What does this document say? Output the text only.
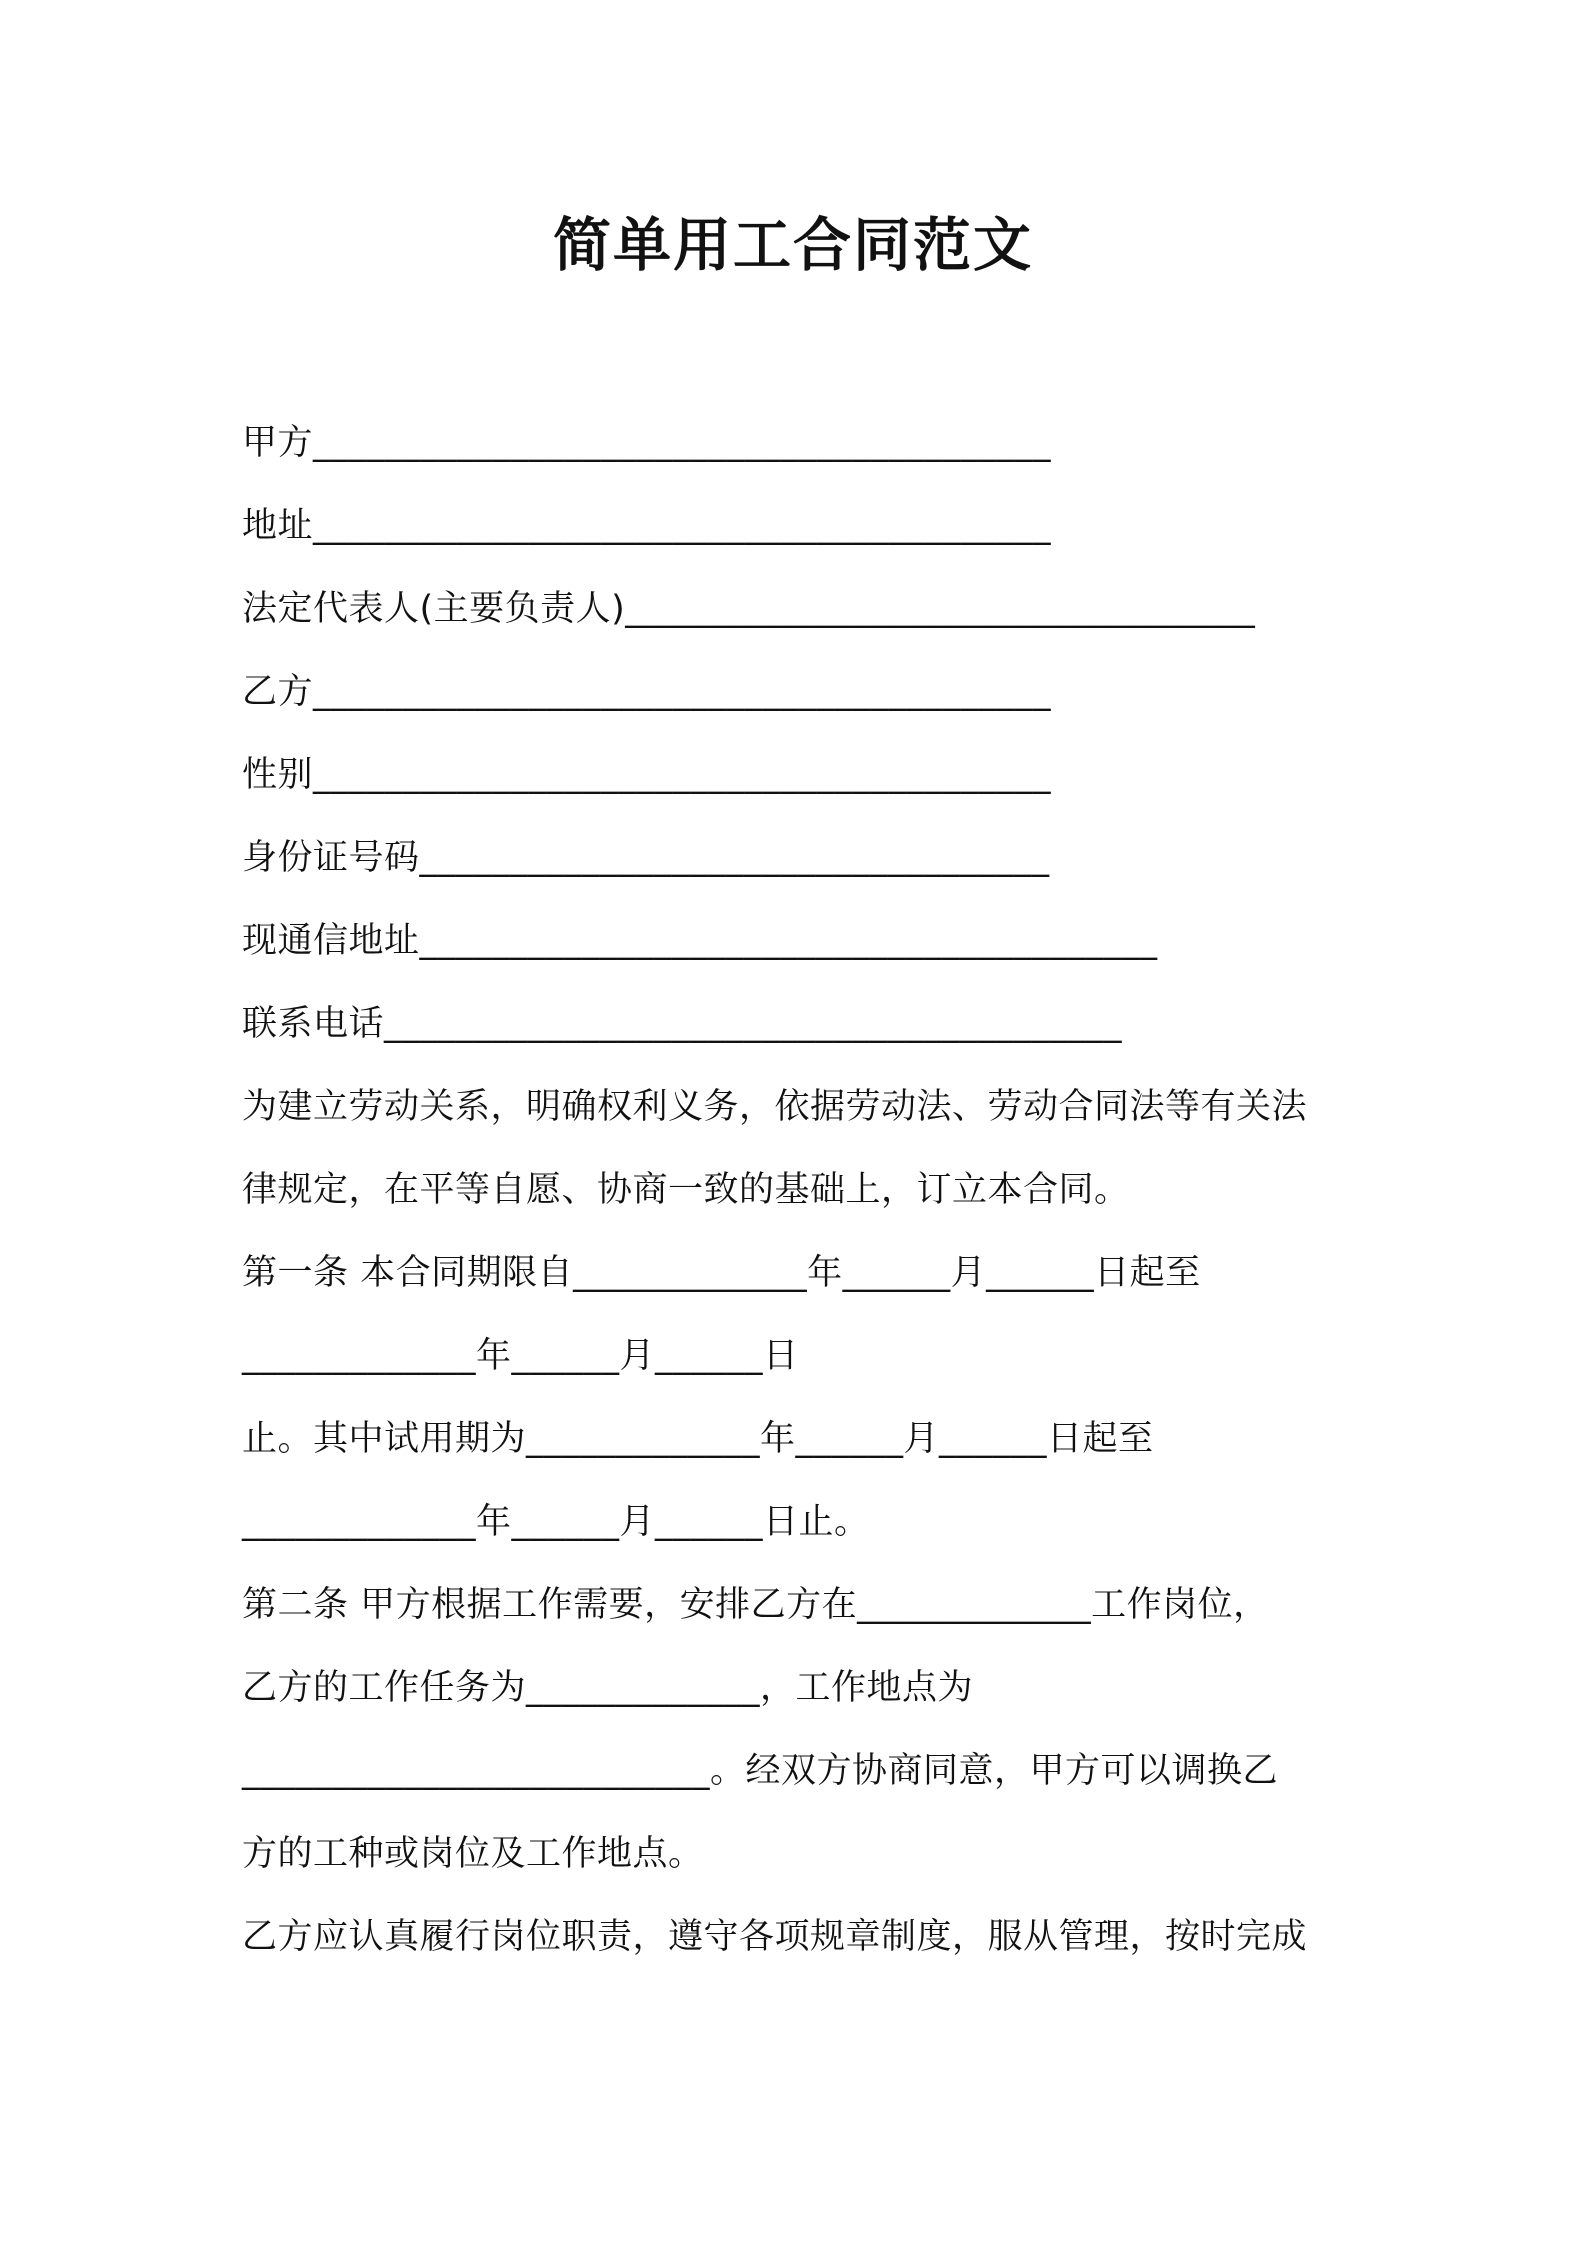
简单用工合同范文
甲方_________________________________________
地址_________________________________________
法定代表人(主要负责人)___________________________________
乙方_________________________________________
性别_________________________________________
身份证号码___________________________________
现通信地址_________________________________________
联系电话_________________________________________
为建立劳动关系，明确权利义务，依据劳动法、劳动合同法等有关法
律规定，在平等自愿、协商一致的基础上，订立本合同。
第一条 本合同期限自_____________年______月______日起至
_____________年______月______日
止。其中试用期为_____________年______月______日起至
_____________年______月______日止。
第二条 甲方根据工作需要，安排乙方在_____________工作岗位，
乙方的工作任务为_____________，工作地点为
__________________________。经双方协商同意，甲方可以调换乙
方的工种或岗位及工作地点。
乙方应认真履行岗位职责，遵守各项规章制度，服从管理，按时完成
